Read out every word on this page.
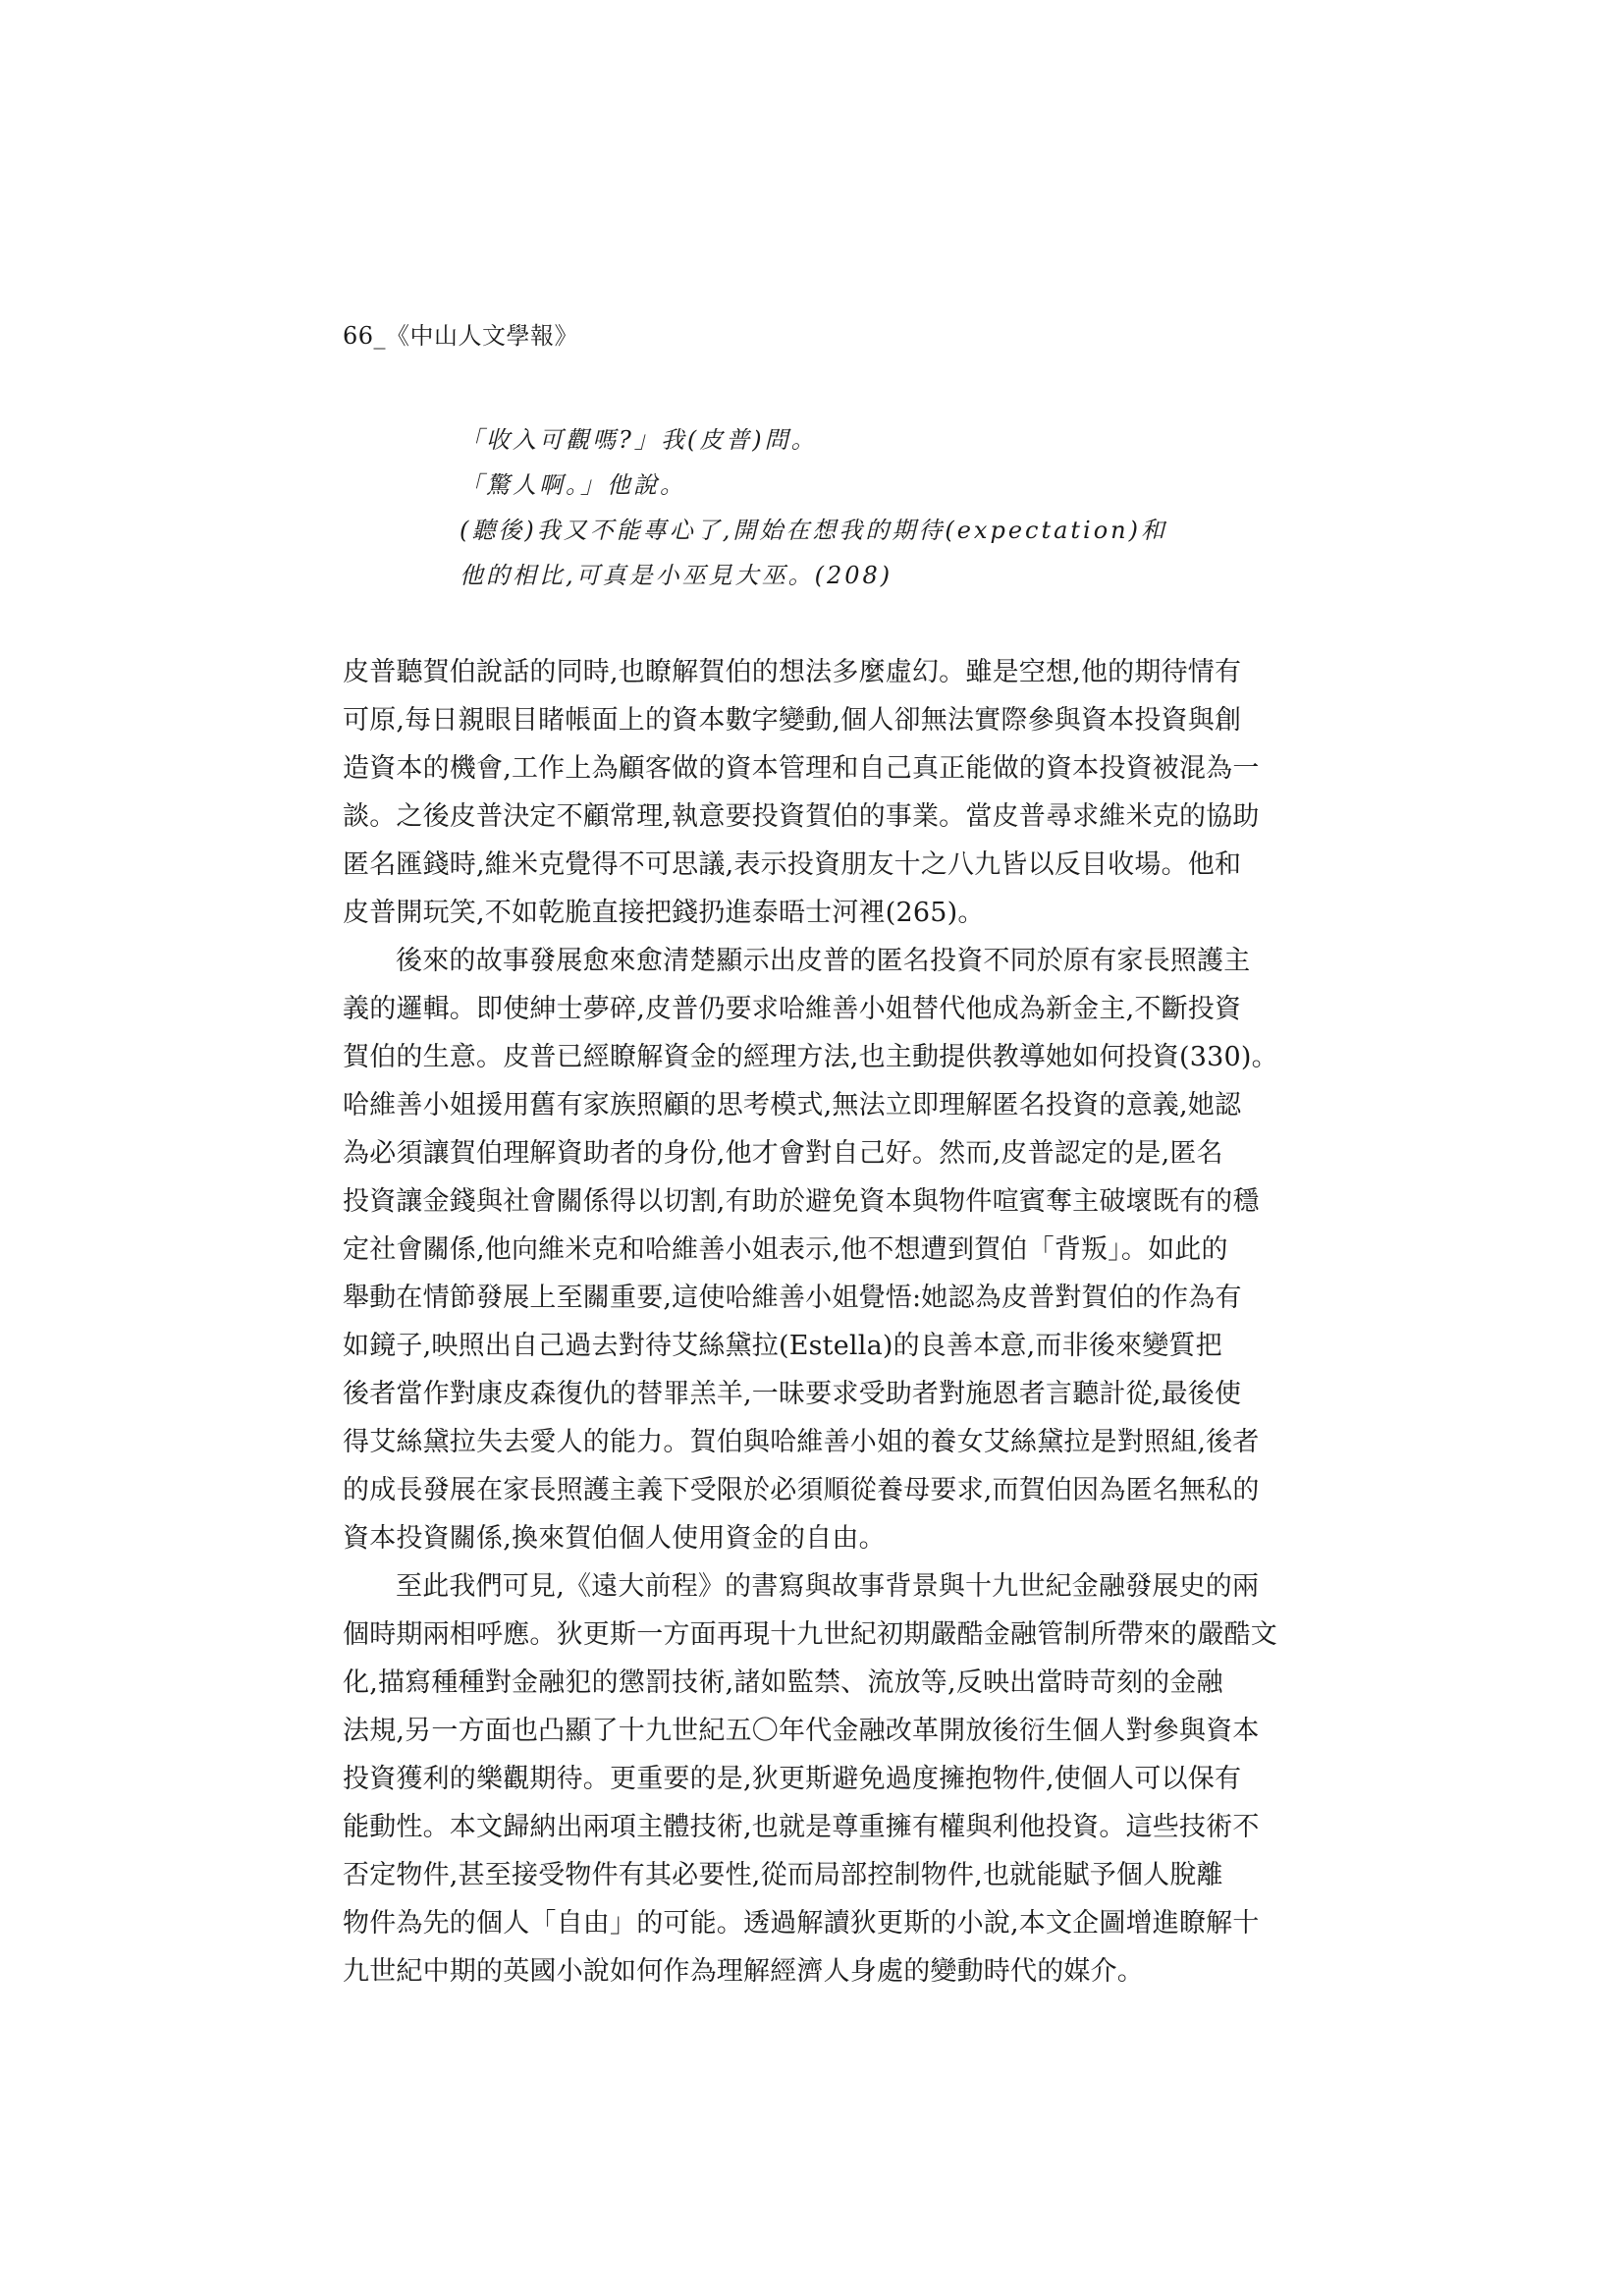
66_《中山人文學報》
「收入可觀嗎?」我(皮普)問。
「驚人啊。」他說。
(聽後)我又不能專心了,開始在想我的期待(expectation)和
他的相比,可真是小巫見大巫。(208)
皮普聽賀伯說話的同時,也瞭解賀伯的想法多麼虛幻。雖是空想,他的期待情有
可原,每日親眼目睹帳面上的資本數字變動,個人卻無法實際參與資本投資與創
造資本的機會,工作上為顧客做的資本管理和自己真正能做的資本投資被混為一
談。之後皮普決定不顧常理,執意要投資賀伯的事業。當皮普尋求維米克的協助
匿名匯錢時,維米克覺得不可思議,表示投資朋友十之八九皆以反目收場。他和
皮普開玩笑,不如乾脆直接把錢扔進泰晤士河裡(265)。
後來的故事發展愈來愈清楚顯示出皮普的匿名投資不同於原有家長照護主
義的邏輯。即使紳士夢碎,皮普仍要求哈維善小姐替代他成為新金主,不斷投資
賀伯的生意。皮普已經瞭解資金的經理方法,也主動提供教導她如何投資(330)。
哈維善小姐援用舊有家族照顧的思考模式,無法立即理解匿名投資的意義,她認
為必須讓賀伯理解資助者的身份,他才會對自己好。然而,皮普認定的是,匿名
投資讓金錢與社會關係得以切割,有助於避免資本與物件喧賓奪主破壞既有的穩
定社會關係,他向維米克和哈維善小姐表示,他不想遭到賀伯「背叛」。如此的
舉動在情節發展上至關重要,這使哈維善小姐覺悟:她認為皮普對賀伯的作為有
如鏡子,映照出自己過去對待艾絲黛拉(Estella)的良善本意,而非後來變質把
後者當作對康皮森復仇的替罪羔羊,一昧要求受助者對施恩者言聽計從,最後使
得艾絲黛拉失去愛人的能力。賀伯與哈維善小姐的養女艾絲黛拉是對照組,後者
的成長發展在家長照護主義下受限於必須順從養母要求,而賀伯因為匿名無私的
資本投資關係,換來賀伯個人使用資金的自由。
至此我們可見,《遠大前程》的書寫與故事背景與十九世紀金融發展史的兩
個時期兩相呼應。狄更斯一方面再現十九世紀初期嚴酷金融管制所帶來的嚴酷文
化,描寫種種對金融犯的懲罰技術,諸如監禁、流放等,反映出當時苛刻的金融
法規,另一方面也凸顯了十九世紀五〇年代金融改革開放後衍生個人對參與資本
投資獲利的樂觀期待。更重要的是,狄更斯避免過度擁抱物件,使個人可以保有
能動性。本文歸納出兩項主體技術,也就是尊重擁有權與利他投資。這些技術不
否定物件,甚至接受物件有其必要性,從而局部控制物件,也就能賦予個人脫離
物件為先的個人「自由」的可能。透過解讀狄更斯的小說,本文企圖增進瞭解十
九世紀中期的英國小說如何作為理解經濟人身處的變動時代的媒介。
